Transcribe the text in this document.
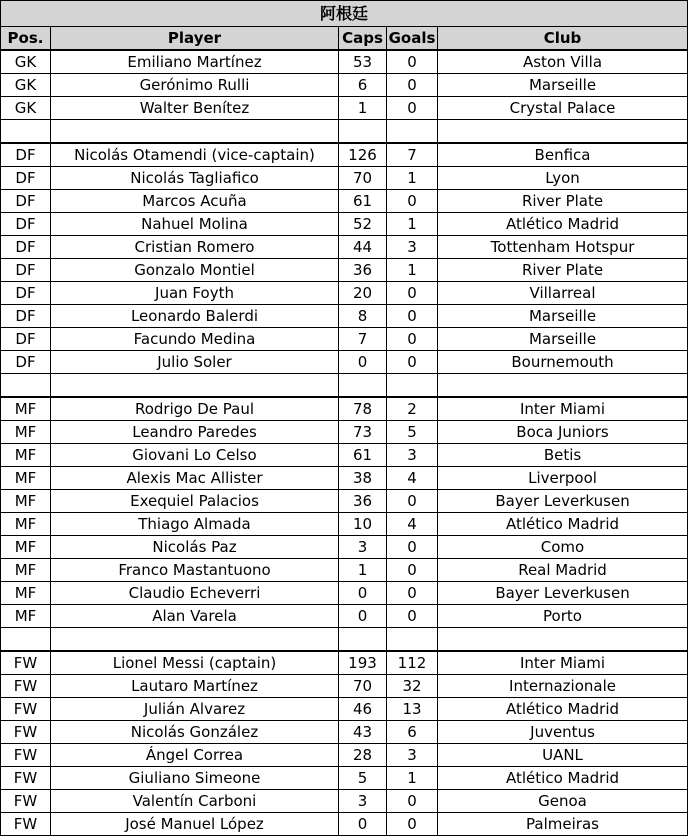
阿根廷				
Pos.	Player	Caps	Goals	Club
GK	Emiliano Martínez	53	0	Aston Villa
GK	Gerónimo Rulli	6	0	Marseille
GK	Walter Benítez	1	0	Crystal Palace

DF	Nicolás Otamendi (vice-captain)	126	7	Benfica
DF	Nicolás Tagliafico	70	1	Lyon
DF	Marcos Acuña	61	0	River Plate
DF	Nahuel Molina	52	1	Atlético Madrid
DF	Cristian Romero	44	3	Tottenham Hotspur
DF	Gonzalo Montiel	36	1	River Plate
DF	Juan Foyth	20	0	Villarreal
DF	Leonardo Balerdi	8	0	Marseille
DF	Facundo Medina	7	0	Marseille
DF	Julio Soler	0	0	Bournemouth

MF	Rodrigo De Paul	78	2	Inter Miami
MF	Leandro Paredes	73	5	Boca Juniors
MF	Giovani Lo Celso	61	3	Betis
MF	Alexis Mac Allister	38	4	Liverpool
MF	Exequiel Palacios	36	0	Bayer Leverkusen
MF	Thiago Almada	10	4	Atlético Madrid
MF	Nicolás Paz	3	0	Como
MF	Franco Mastantuono	1	0	Real Madrid
MF	Claudio Echeverri	0	0	Bayer Leverkusen
MF	Alan Varela	0	0	Porto

FW	Lionel Messi (captain)	193	112	Inter Miami
FW	Lautaro Martínez	70	32	Internazionale
FW	Julián Alvarez	46	13	Atlético Madrid
FW	Nicolás González	43	6	Juventus
FW	Ángel Correa	28	3	UANL
FW	Giuliano Simeone	5	1	Atlético Madrid
FW	Valentín Carboni	3	0	Genoa
FW	José Manuel López	0	0	Palmeiras
